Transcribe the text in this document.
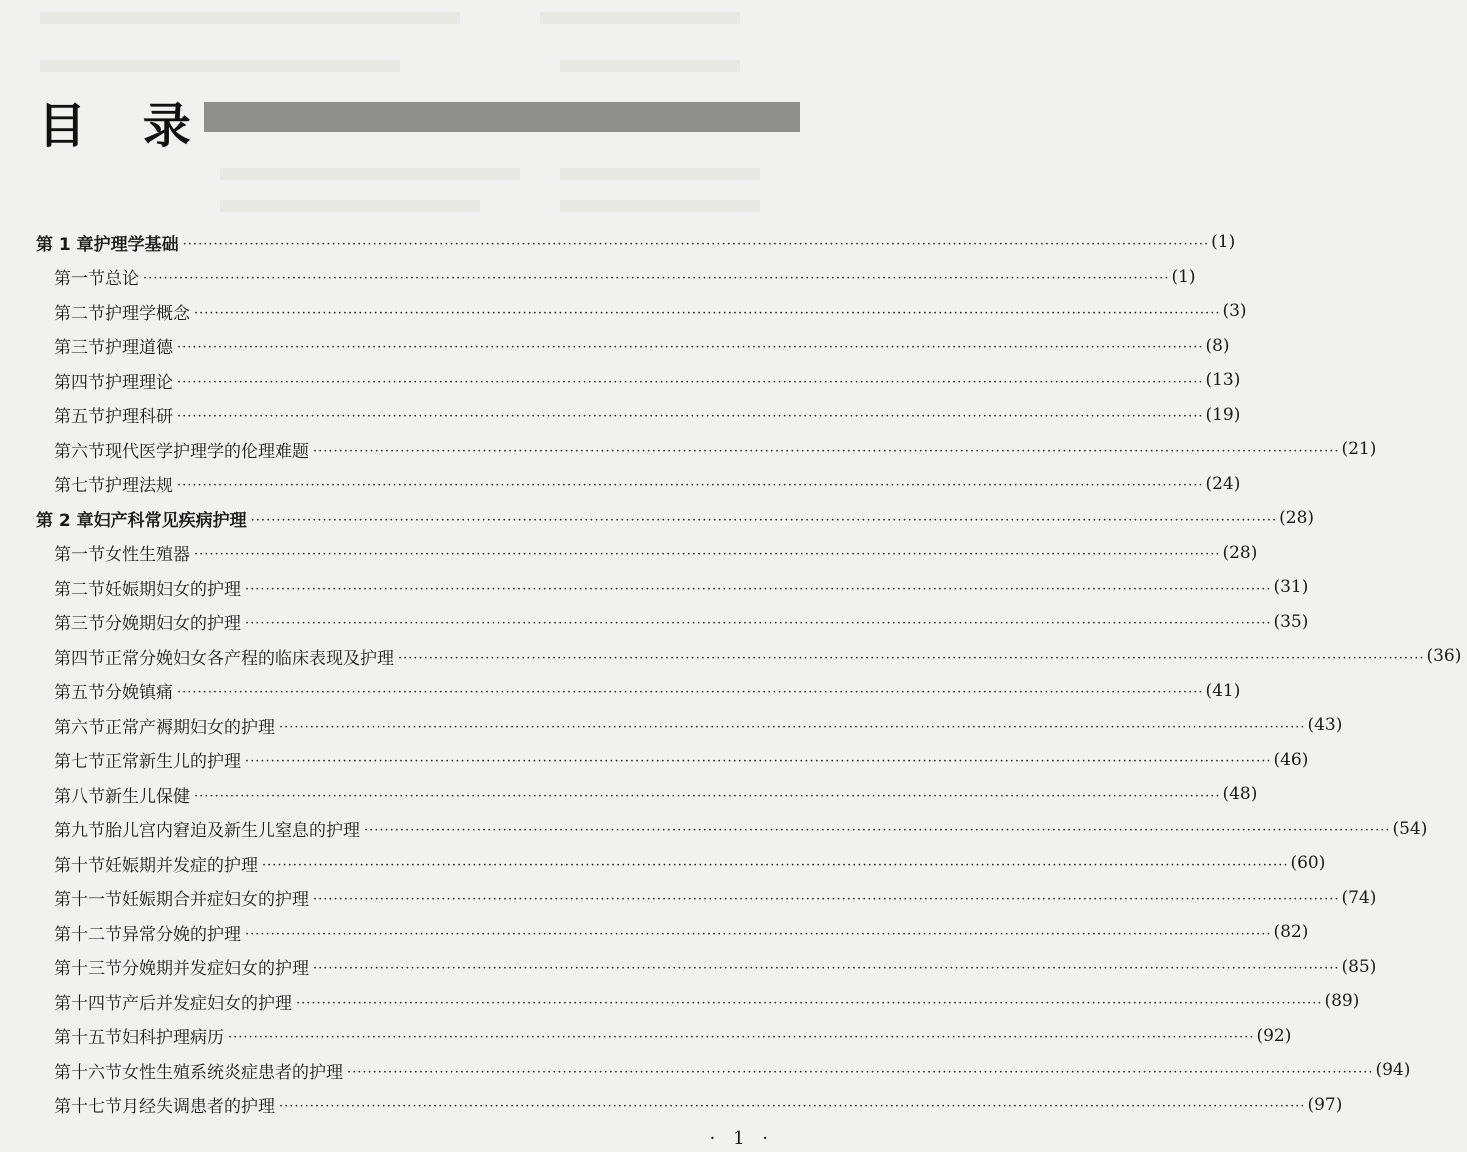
目 录
第 1 章 护理学基础 ········································································································································································································ (1)
第一节 总论 ········································································································································································································ (1)
第二节 护理学概念 ········································································································································································································ (3)
第三节 护理道德 ········································································································································································································ (8)
第四节 护理理论 ········································································································································································································ (13)
第五节 护理科研 ········································································································································································································ (19)
第六节 现代医学护理学的伦理难题 ········································································································································································································ (21)
第七节 护理法规 ········································································································································································································ (24)
第 2 章 妇产科常见疾病护理 ········································································································································································································ (28)
第一节 女性生殖器 ········································································································································································································ (28)
第二节 妊娠期妇女的护理 ········································································································································································································ (31)
第三节 分娩期妇女的护理 ········································································································································································································ (35)
第四节 正常分娩妇女各产程的临床表现及护理 ········································································································································································································ (36)
第五节 分娩镇痛 ········································································································································································································ (41)
第六节 正常产褥期妇女的护理 ········································································································································································································ (43)
第七节 正常新生儿的护理 ········································································································································································································ (46)
第八节 新生儿保健 ········································································································································································································ (48)
第九节 胎儿宫内窘迫及新生儿窒息的护理 ········································································································································································································ (54)
第十节 妊娠期并发症的护理 ········································································································································································································ (60)
第十一节 妊娠期合并症妇女的护理 ········································································································································································································ (74)
第十二节 异常分娩的护理 ········································································································································································································ (82)
第十三节 分娩期并发症妇女的护理 ········································································································································································································ (85)
第十四节 产后并发症妇女的护理 ········································································································································································································ (89)
第十五节 妇科护理病历 ········································································································································································································ (92)
第十六节 女性生殖系统炎症患者的护理 ········································································································································································································ (94)
第十七节 月经失调患者的护理 ········································································································································································································ (97)
· 1 ·
